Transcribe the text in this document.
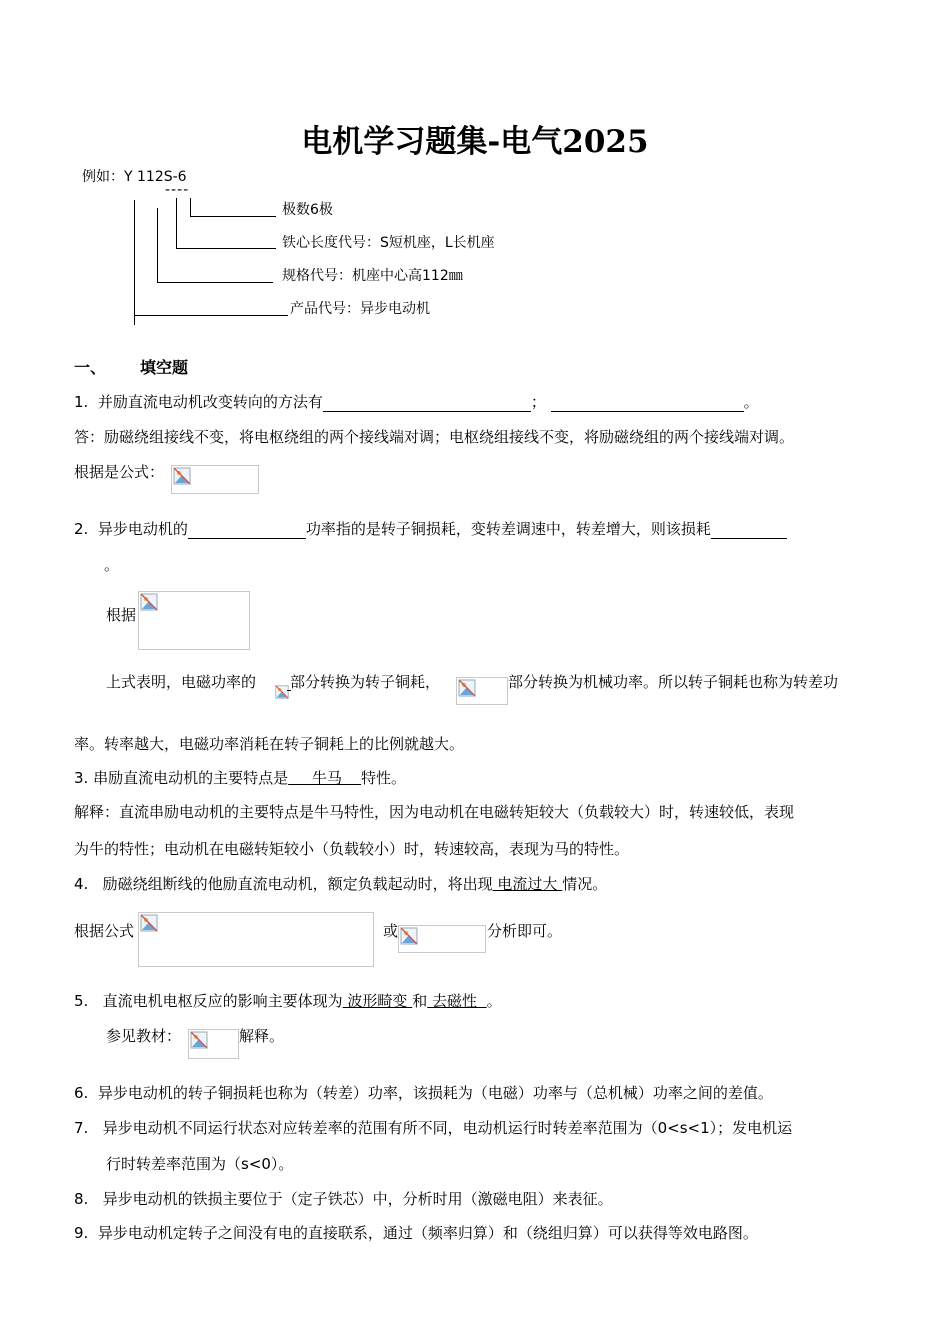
电机学习题集-电气2025
例如：Y 112S-6
----
极数6极
铁心长度代号：S短机座，L长机座
规格代号：机座中心高112㎜
产品代号：异步电动机
一、 填空题
1. 并励直流电动机改变转向的方法有	；	。
答：励磁绕组接线不变，将电枢绕组的两个接线端对调；电枢绕组接线不变，将励磁绕组的两个接线端对调。
根据是公式：
2. 异步电动机的	功率指的是转子铜损耗，变转差调速中，转差增大，则该损耗
。
根据
上式表明，电磁功率的 部分转换为转子铜耗，	部分转换为机械功率。所以转子铜耗也称为转差功
率。转率越大，电磁功率消耗在转子铜耗上的比例就越大。
3. 串励直流电动机的主要特点是 牛马 特性。
解释：直流串励电动机的主要特点是牛马特性，因为电动机在电磁转矩较大（负载较大）时，转速较低，表现
为牛的特性；电动机在电磁转矩较小（负载较小）时，转速较高，表现为马的特性。
4. 励磁绕组断线的他励直流电动机，额定负载起动时，将出现 电流过大 情况。
根据公式	或	分析即可。
5. 直流电机电枢反应的影响主要体现为 波形畸变 和 去磁性 。
参见教材：	解释。
6. 异步电动机的转子铜损耗也称为（转差）功率，该损耗为（电磁）功率与（总机械）功率之间的差值。
7. 异步电动机不同运行状态对应转差率的范围有所不同，电动机运行时转差率范围为（0<s<1）；发电机运
行时转差率范围为（s<0）。
8. 异步电动机的铁损主要位于（定子铁芯）中，分析时用（激磁电阻）来表征。
9. 异步电动机定转子之间没有电的直接联系，通过（频率归算）和（绕组归算）可以获得等效电路图。
